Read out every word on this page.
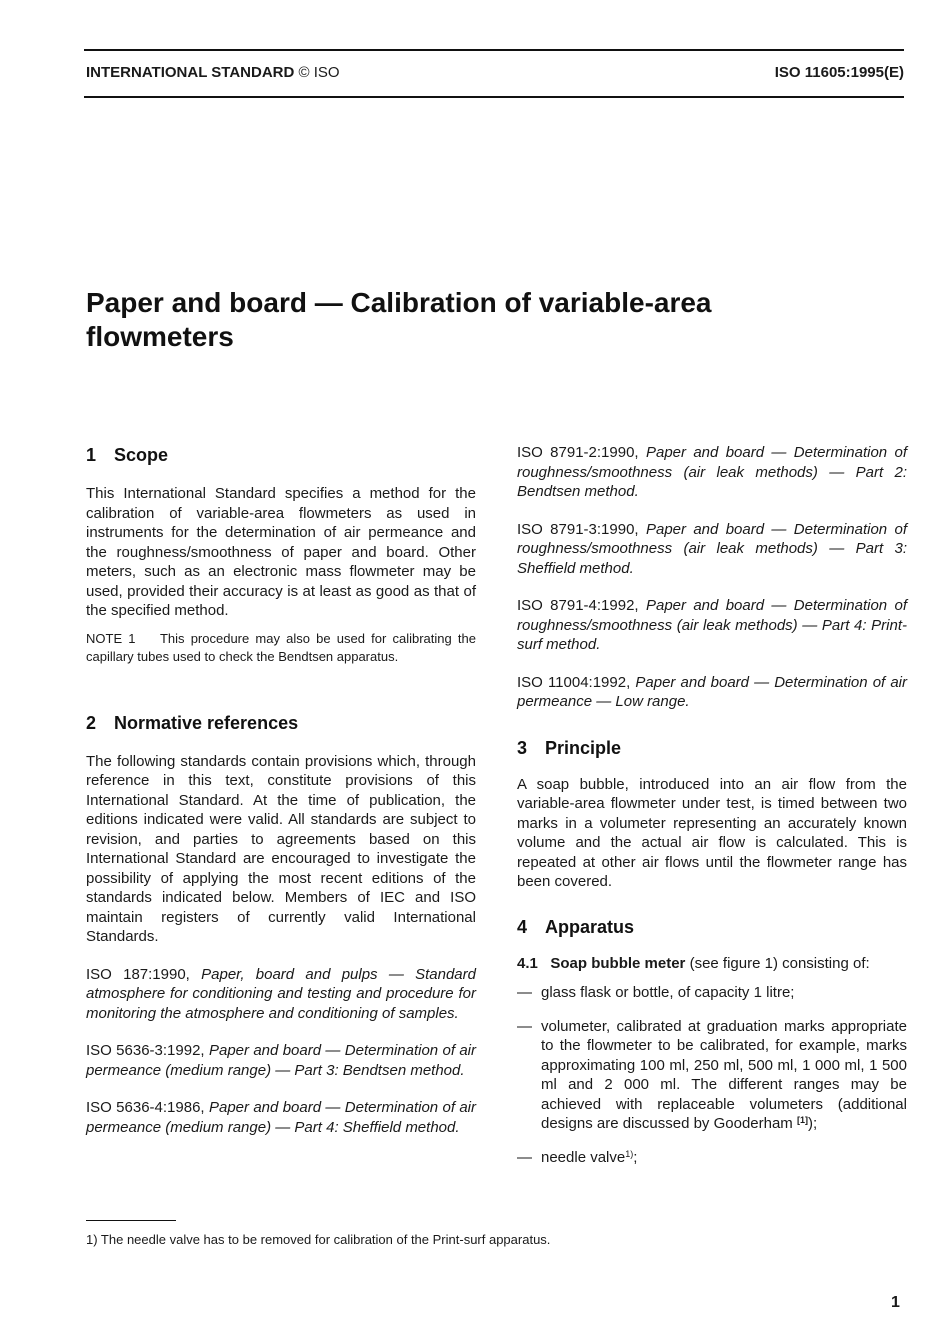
INTERNATIONAL STANDARD © ISO	ISO 11605:1995(E)
Paper and board — Calibration of variable-area
flowmeters
1 Scope

This International Standard specifies a method for the calibration of variable-area flowmeters as used in instruments for the determination of air permeance and the roughness/smoothness of paper and board. Other meters, such as an electronic mass flowmeter may be used, provided their accuracy is at least as good as that of the specified method.

NOTE 1 This procedure may also be used for calibrating the capillary tubes used to check the Bendtsen apparatus.

2 Normative references

The following standards contain provisions which, through reference in this text, constitute provisions of this International Standard. At the time of publication, the editions indicated were valid. All standards are subject to revision, and parties to agreements based on this International Standard are encouraged to investigate the possibility of applying the most recent editions of the standards indicated below. Members of IEC and ISO maintain registers of currently valid International Standards.

ISO 187:1990, Paper, board and pulps — Standard atmosphere for conditioning and testing and procedure for monitoring the atmosphere and conditioning of samples.

ISO 5636-3:1992, Paper and board — Determination of air permeance (medium range) — Part 3: Bendtsen method.

ISO 5636-4:1986, Paper and board — Determination of air permeance (medium range) — Part 4: Sheffield method.

ISO 8791-2:1990, Paper and board — Determination of roughness/smoothness (air leak methods) — Part 2: Bendtsen method.

ISO 8791-3:1990, Paper and board — Determination of roughness/smoothness (air leak methods) — Part 3: Sheffield method.

ISO 8791-4:1992, Paper and board — Determination of roughness/smoothness (air leak methods) — Part 4: Print-surf method.

ISO 11004:1992, Paper and board — Determination of air permeance — Low range.

3 Principle

A soap bubble, introduced into an air flow from the variable-area flowmeter under test, is timed between two marks in a volumeter representing an accurately known volume and the actual air flow is calculated. This is repeated at other air flows until the flowmeter range has been covered.

4 Apparatus

4.1 Soap bubble meter (see figure 1) consisting of:

— glass flask or bottle, of capacity 1 litre;
— volumeter, calibrated at graduation marks appropriate to the flowmeter to be calibrated, for example, marks approximating 100 ml, 250 ml, 500 ml, 1 000 ml, 1 500 ml and 2 000 ml. The different ranges may be achieved with replaceable volumeters (additional designs are discussed by Gooderham [1]);
— needle valve$^{1)}$;
1) The needle valve has to be removed for calibration of the Print-surf apparatus.
1
